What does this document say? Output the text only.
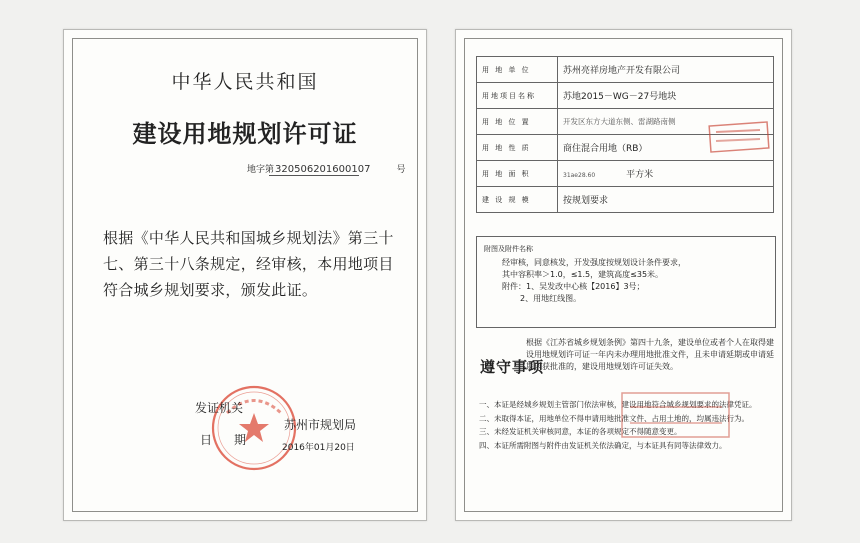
中华人民共和国
建设用地规划许可证
地字第320506201600107	号
根据《中华人民共和国城乡规划法》第三十七、第三十八条规定，经审核，本用地项目符合城乡规划要求，颁发此证。
发证机关
苏州市规划局
日 期
2016年01月20日
用 地 单 位	苏州亮祥房地产开发有限公司
用地项目名称	苏地2015－WG－27号地块
用 地 位 置	开发区东方大道东侧、雷湖路南侧
用 地 性 质	商住混合用地（RB）
用 地 面 积	31ae28.60 平方米
建 设 规 模	按规划要求
附图及附件名称
经审核，同意核发，开发强度按规划设计条件要求，
其中容积率＞1.0，≤1.5，建筑高度≤35米。
附件：1、吴发改中心核【2016】3号；
2、用地红线图。
根据《江苏省城乡规划条例》第四十九条，建设单位或者个人在取得建设用地规划许可证一年内未办理用地批准文件，且未申请延期或申请延期未获批准的，建设用地规划许可证失效。
遵守事项
一、本证是经城乡规划主管部门依法审核，建设用地符合城乡规划要求的法律凭证。
二、未取得本证，用地单位不得申请用地批准文件、占用土地的，均属违法行为。
三、未经发证机关审核同意，本证的各项规定不得随意变更。
四、本证所需附图与附件由发证机关依法确定，与本证具有同等法律效力。
